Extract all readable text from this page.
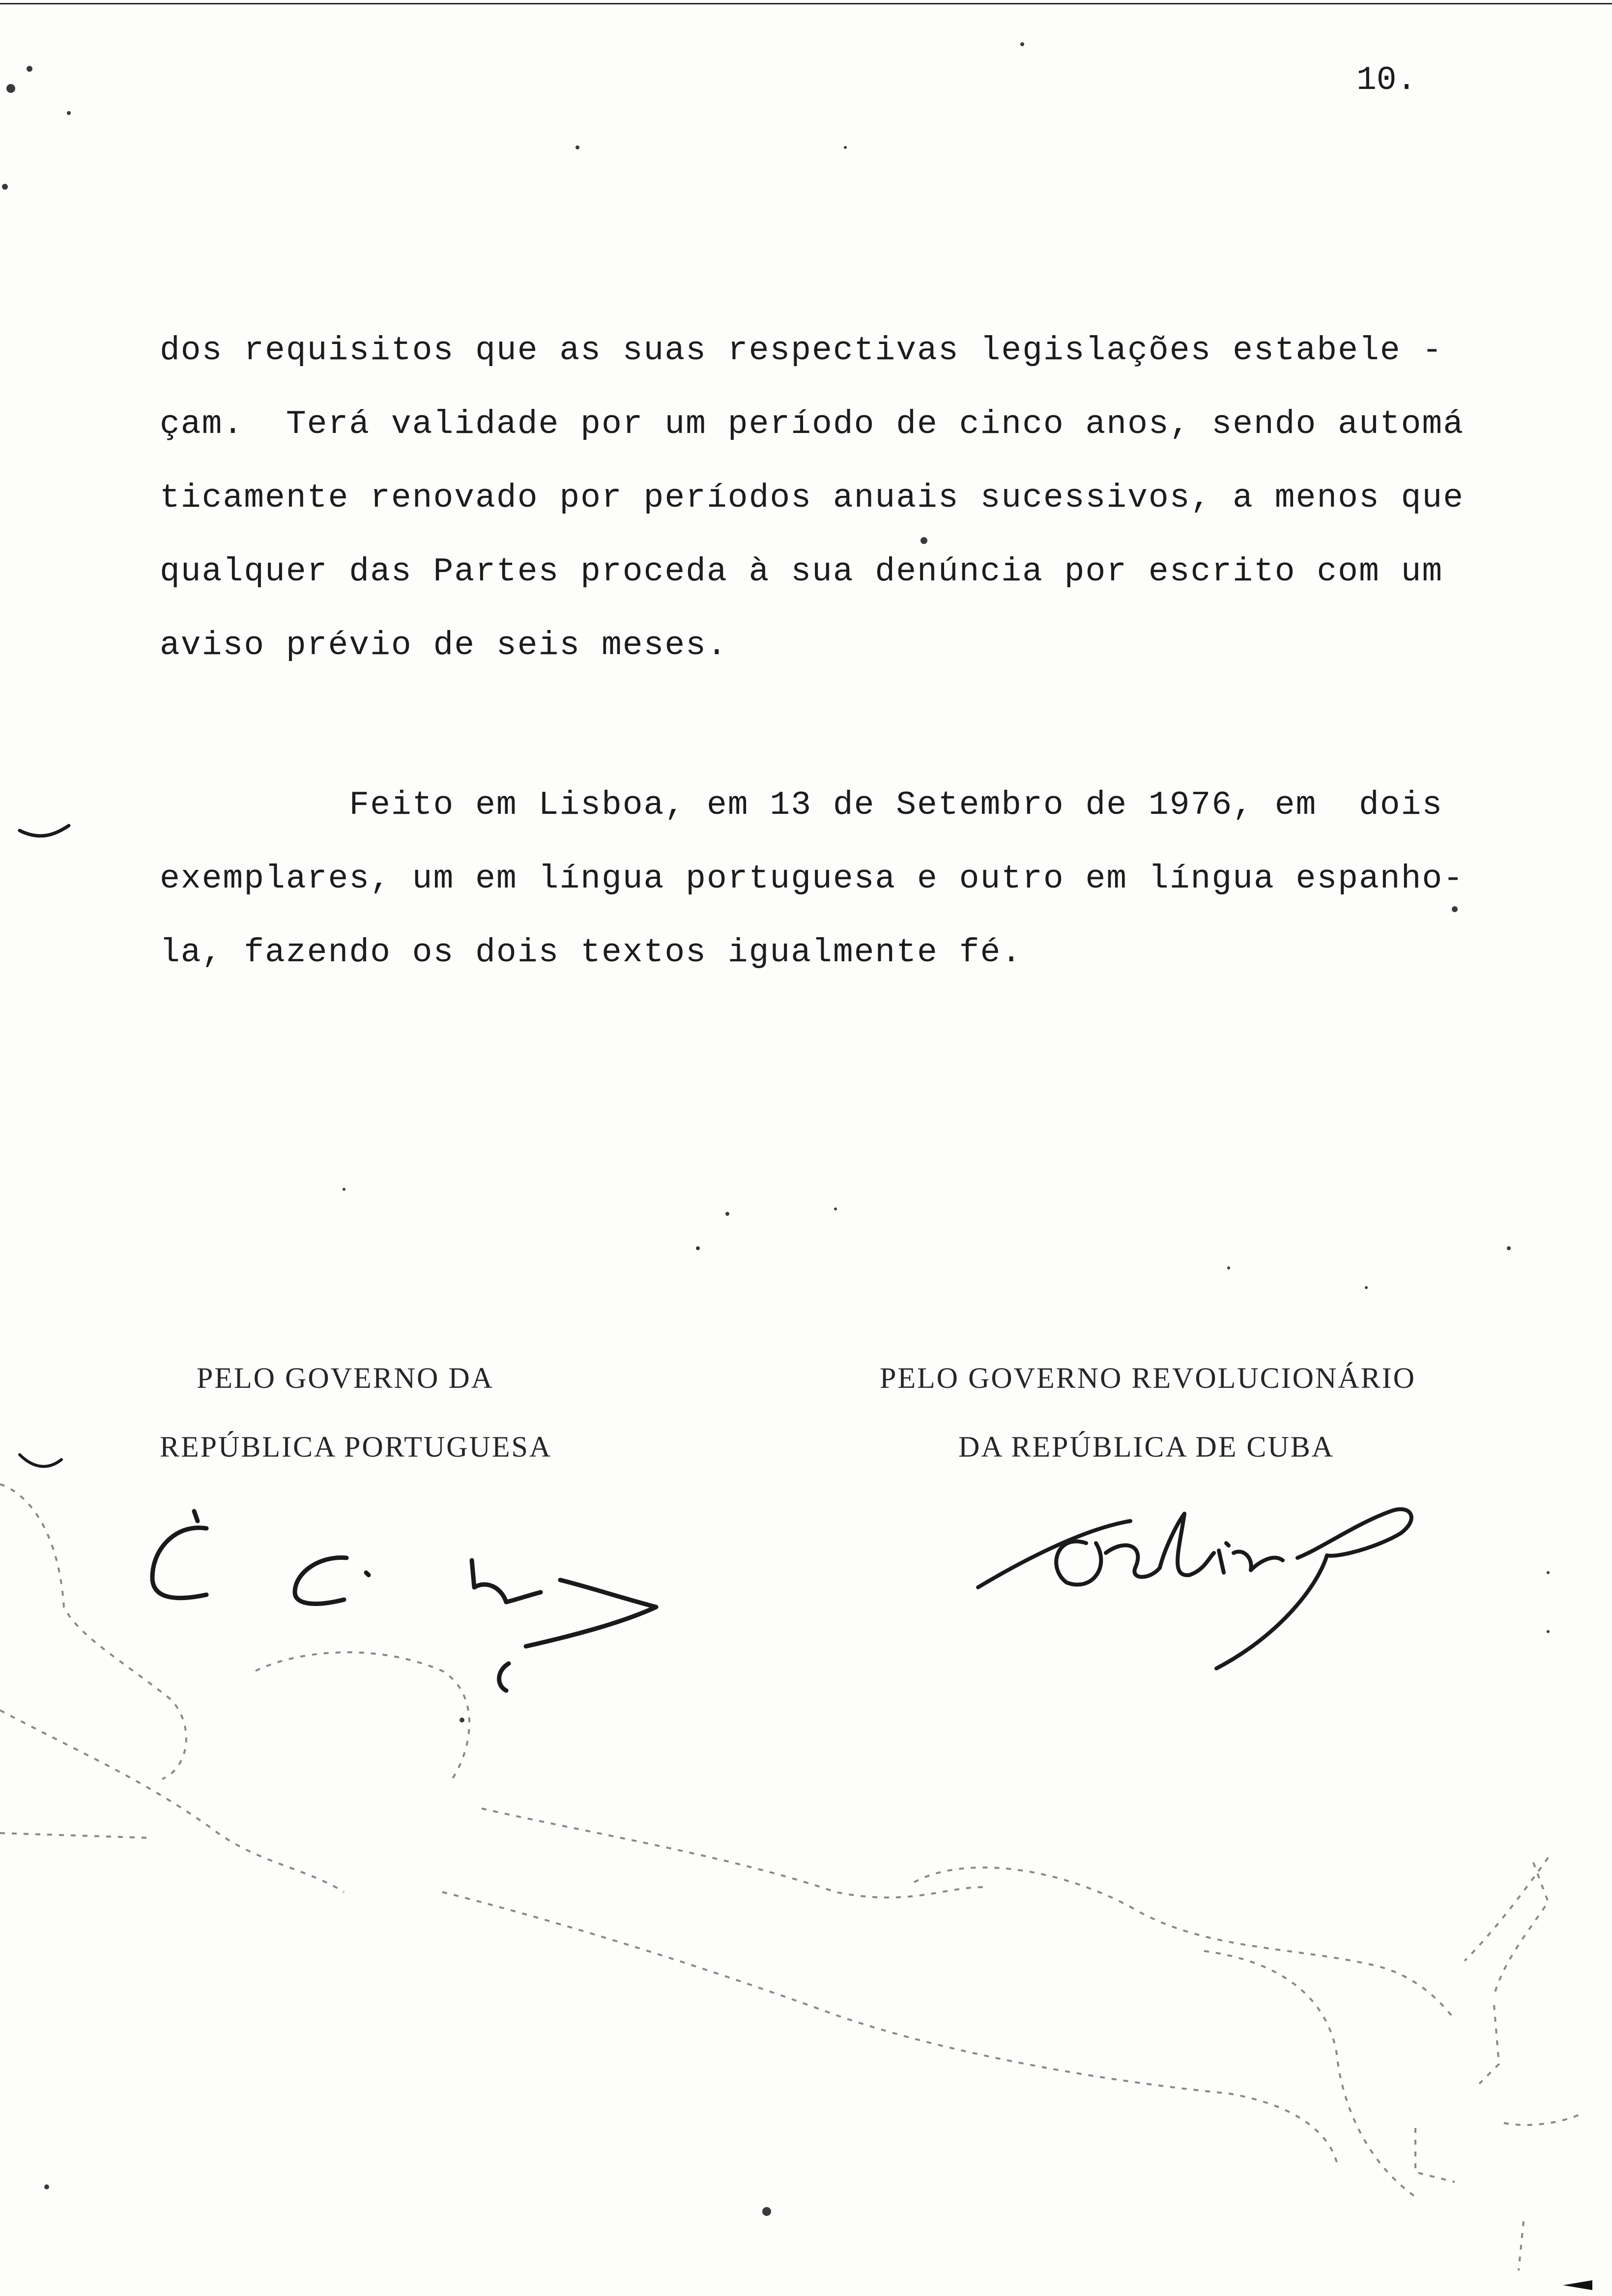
10.
dos requisitos que as suas respectivas legislações estabele -
çam.  Terá validade por um período de cinco anos, sendo automá
ticamente renovado por períodos anuais sucessivos, a menos que
qualquer das Partes proceda à sua denúncia por escrito com um
aviso prévio de seis meses.
Feito em Lisboa, em 13 de Setembro de 1976, em  dois
exemplares, um em língua portuguesa e outro em língua espanho-
la, fazendo os dois textos igualmente fé.
PELO GOVERNO DA
REPÚBLICA PORTUGUESA
PELO GOVERNO REVOLUCIONÁRIO
DA REPÚBLICA DE CUBA
